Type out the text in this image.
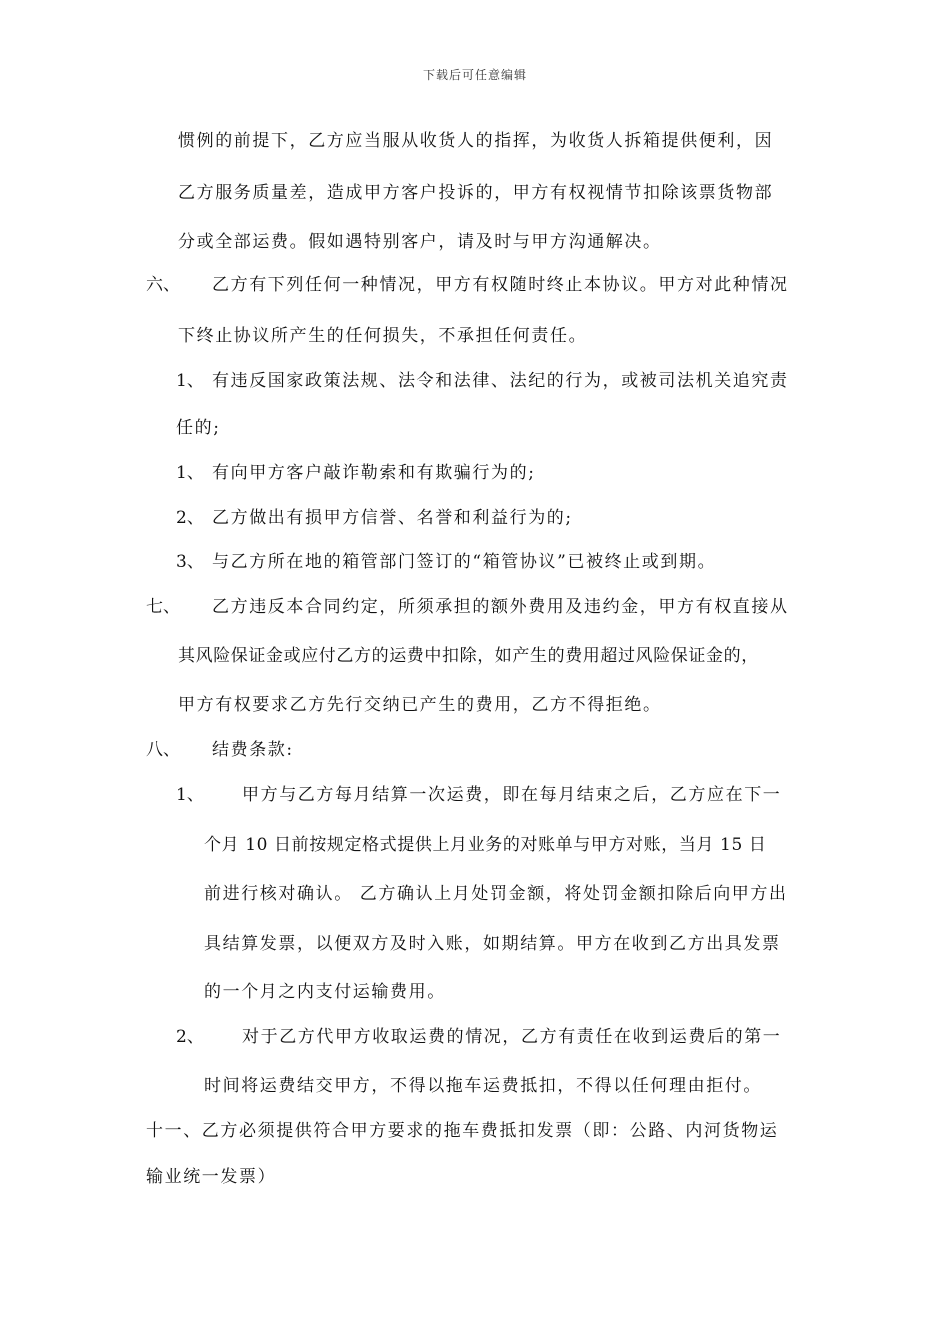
下载后可任意编辑
惯例的前提下，乙方应当服从收货人的指挥，为收货人拆箱提供便利，因
乙方服务质量差，造成甲方客户投诉的，甲方有权视情节扣除该票货物部
分或全部运费。假如遇特别客户，请及时与甲方沟通解决。
六、 乙方有下列任何一种情况，甲方有权随时终止本协议。甲方对此种情况
下终止协议所产生的任何损失，不承担任何责任。
1、 有违反国家政策法规、法令和法律、法纪的行为，或被司法机关追究责
任的;
1、 有向甲方客户敲诈勒索和有欺骗行为的;
2、 乙方做出有损甲方信誉、名誉和利益行为的;
3、 与乙方所在地的箱管部门签订的“箱管协议”已被终止或到期。
七、 乙方违反本合同约定，所须承担的额外费用及违约金，甲方有权直接从
其风险保证金或应付乙方的运费中扣除，如产生的费用超过风险保证金的，
甲方有权要求乙方先行交纳已产生的费用，乙方不得拒绝。
八、 结费条款:
1、 甲方与乙方每月结算一次运费，即在每月结束之后，乙方应在下一
个月 10 日前按规定格式提供上月业务的对账单与甲方对账，当月 15 日
前进行核对确认。 乙方确认上月处罚金额，将处罚金额扣除后向甲方出
具结算发票，以便双方及时入账，如期结算。甲方在收到乙方出具发票
的一个月之内支付运输费用。
2、 对于乙方代甲方收取运费的情况，乙方有责任在收到运费后的第一
时间将运费结交甲方，不得以拖车运费抵扣，不得以任何理由拒付。
十一、乙方必须提供符合甲方要求的拖车费抵扣发票（即：公路、内河货物运
输业统一发票）
